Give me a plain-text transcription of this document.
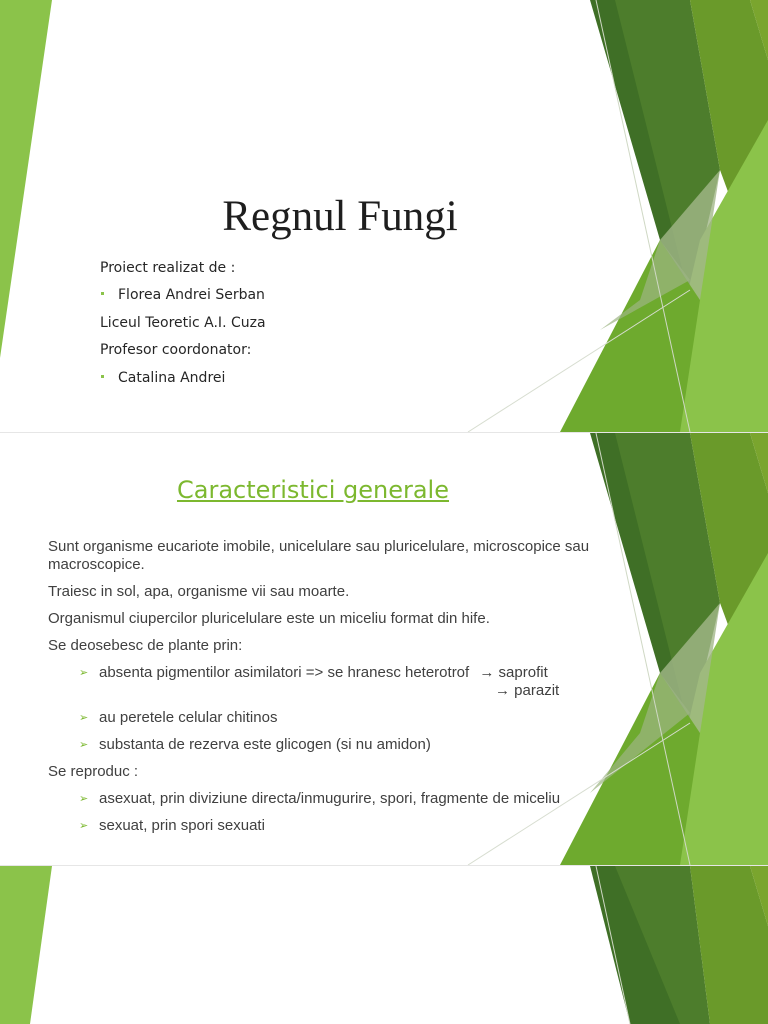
Regnul Fungi
Proiect realizat de :
Florea Andrei Serban
Liceul Teoretic A.I. Cuza
Profesor coordonator:
Catalina Andrei
Caracteristici generale
Sunt organisme eucariote imobile, unicelulare sau pluricelulare, microscopice sau macroscopice.
Traiesc in sol, apa, organisme vii sau moarte.
Organismul ciupercilor pluricelulare este un miceliu format din hife.
Se deosebesc de plante prin:
➢ absenta pigmentilor asimilatori => se hranesc heterotrof → saprofit
→ parazit
➢ au peretele celular chitinos
➢ substanta de rezerva este glicogen (si nu amidon)
Se reproduc :
➢ asexuat, prin diviziune directa/inmugurire, spori, fragmente de miceliu
➢ sexuat, prin spori sexuati
